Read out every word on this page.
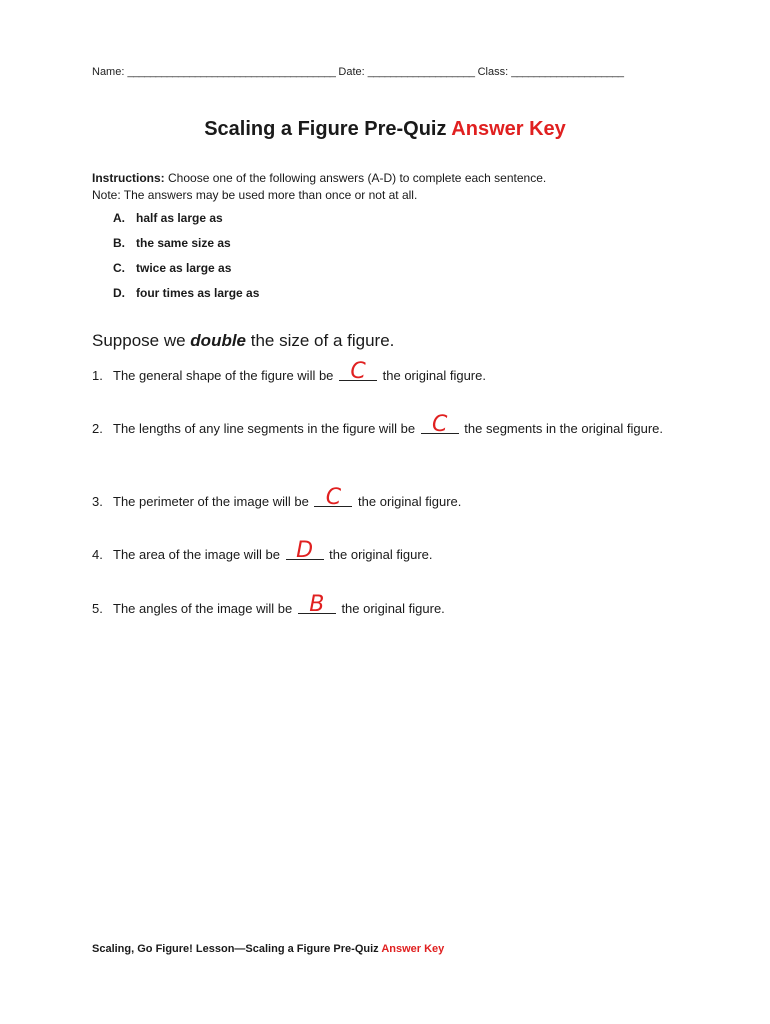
Name: _____________________________________ Date: ___________________ Class: ____________________
Scaling a Figure Pre-Quiz Answer Key
Instructions: Choose one of the following answers (A-D) to complete each sentence.
Note: The answers may be used more than once or not at all.
A. half as large as
B. the same size as
C. twice as large as
D. four times as large as
Suppose we double the size of a figure.
1. The general shape of the figure will be C	the original figure.
2. The lengths of any line segments in the figure will be C	the segments in the original figure.
3. The perimeter of the image will be C	the original figure.
4. The area of the image will be D the original figure.
5. The angles of the image will be B	the original figure.
Scaling, Go Figure! Lesson—Scaling a Figure Pre-Quiz Answer Key
